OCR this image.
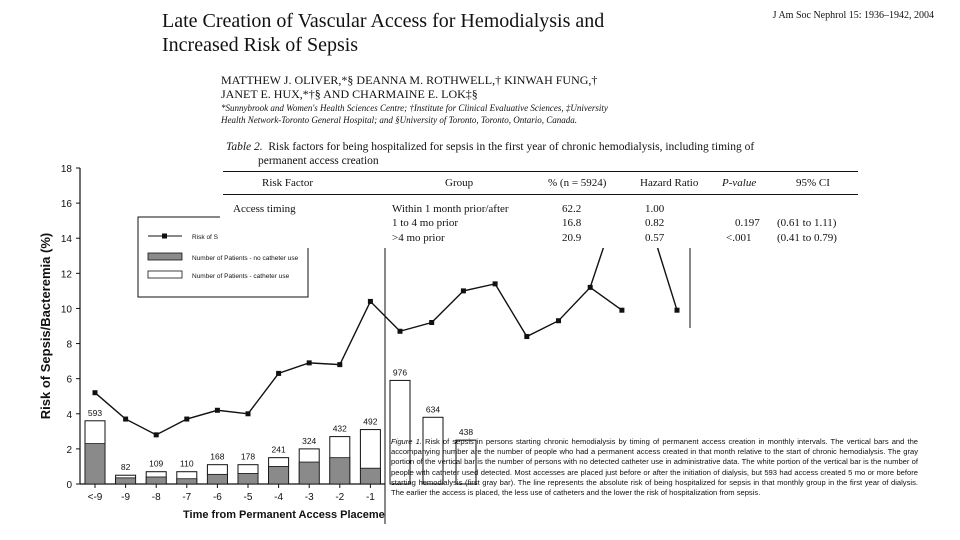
Late Creation of Vascular Access for Hemodialysis and
Increased Risk of Sepsis
J Am Soc Nephrol 15: 1936–1942, 2004
MATTHEW J. OLIVER,*§ DEANNA M. ROTHWELL,† KINWAH FUNG,†
JANET E. HUX,*†§ AND CHARMAINE E. LOK‡§
*Sunnybrook and Women's Health Sciences Centre; †Institute for Clinical Evaluative Sciences, ‡University
Health Network-Toronto General Hospital; and §University of Toronto, Toronto, Ontario, Canada.
0
2
4
6
8
10
12
14
16
18
Risk of Sepsis/Bacteremia (%)
<-9 -9 -8 -7 -6 -5 -4 -3 -2 -1
Time from Permanent Access Placeme
593
82 109 110
168 178
241
324
432
492
976
634
438
Risk of S
Number of Patients - no catheter use
Number of Patients - catheter use
Table 2. Risk factors for being hospitalized for sepsis in the first year of chronic hemodialysis, including timing of
permanent access creation
Risk Factor	Group	% (n = 5924)	Hazard Ratio P-value	95% CI
Access timing	Within 1 month prior/after	62.2	1.00
1 to 4 mo prior	16.8	0.82	0.197 (0.61 to 1.11)
>4 mo prior	20.9	0.57	<.001 (0.41 to 0.79)
Figure 1. Risk of sepsis in persons starting chronic hemodialysis by timing of permanent access creation in monthly intervals. The vertical bars and the accompanying number are the number of people who had a permanent access created in that month relative to the start of chronic hemodialysis. The gray portion of the vertical bar is the number of persons with no detected catheter use in administrative data. The white portion of the vertical bar is the number of people with catheter used detected. Most accesses are placed just before or after the initiation of dialysis, but 593 had access created 5 mo or more before starting hemodialysis (first gray bar). The line represents the absolute risk of being hospitalized for sepsis in that monthly group in the first year of dialysis. The earlier the access is placed, the less use of catheters and the lower the risk of hospitalization from sepsis.
